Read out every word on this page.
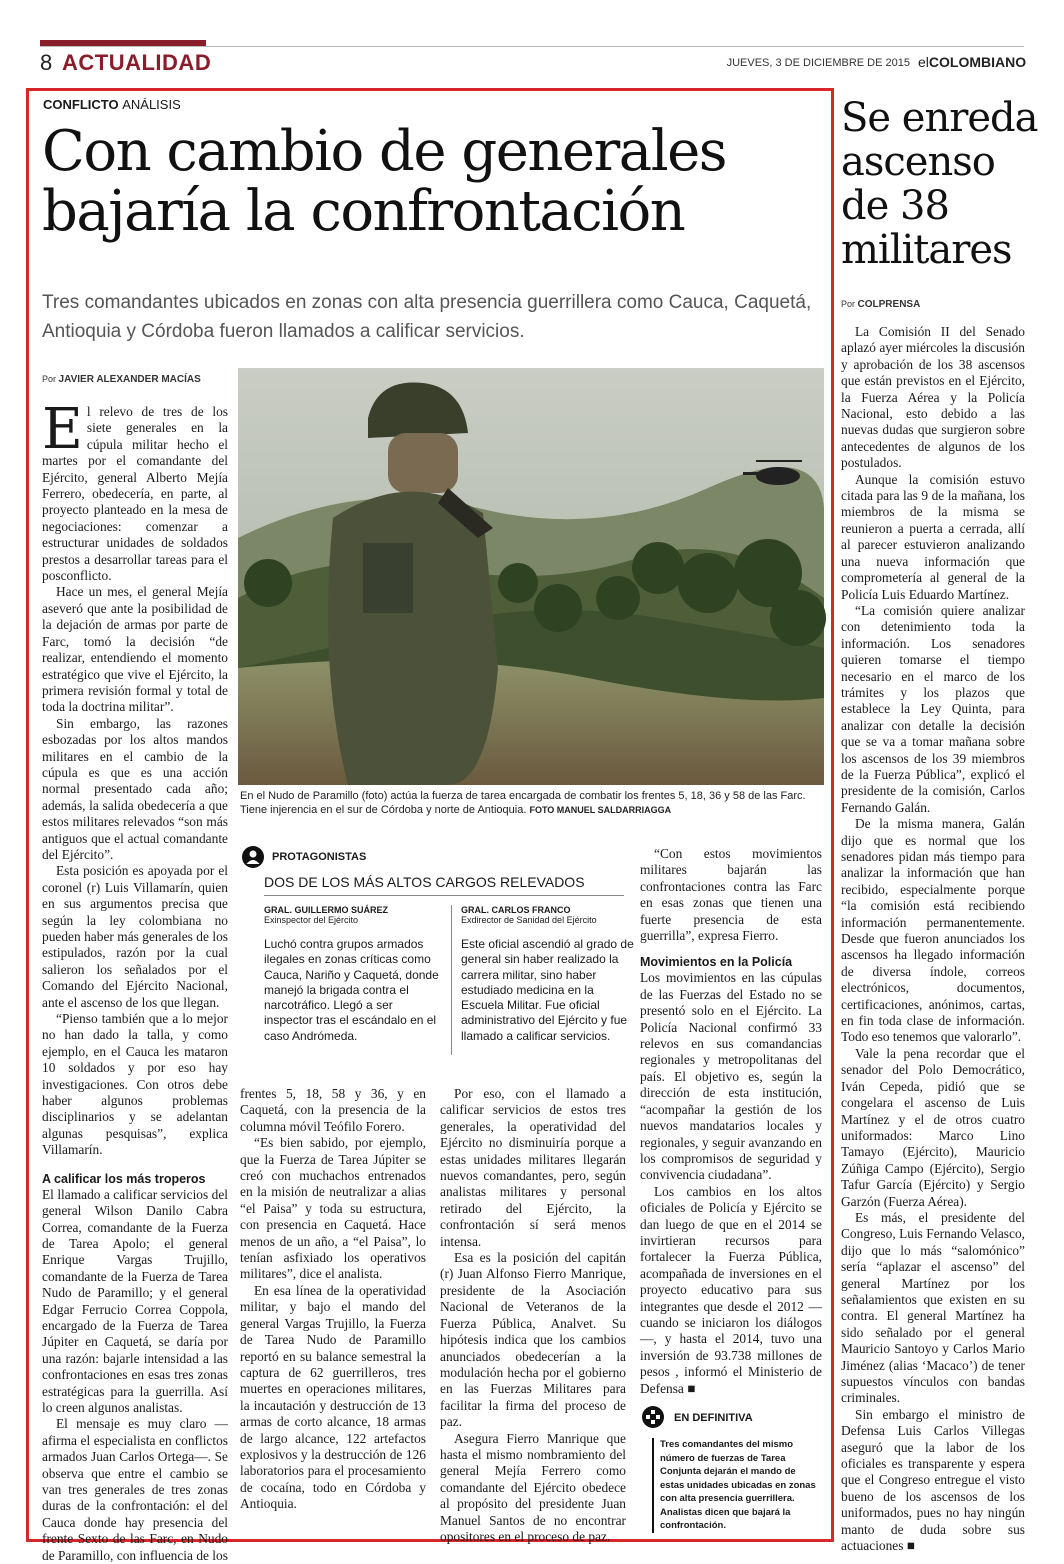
8 ACTUALIDAD	JUEVES, 3 DE DICIEMBRE DE 2015 elCOLOMBIANO
CONFLICTO ANÁLISIS
Con cambio de generales bajaría la confrontación
Tres comandantes ubicados en zonas con alta presencia guerrillera como Cauca, Caquetá, Antioquia y Córdoba fueron llamados a calificar servicios.
Por JAVIER ALEXANDER MACÍAS

El relevo de tres de los siete generales en la cúpula militar hecho el martes por el comandante del Ejército, general Alberto Mejía Ferrero, obedecería, en parte, al proyecto planteado en la mesa de negociaciones: comenzar a estructurar unidades de soldados prestos a desarrollar tareas para el posconflicto.

Hace un mes, el general Mejía aseveró que ante la posibilidad de la dejación de armas por parte de Farc, tomó la decisión “de realizar, entendiendo el momento estratégico que vive el Ejército, la primera revisión formal y total de toda la doctrina militar”.

Sin embargo, las razones esbozadas por los altos mandos militares en el cambio de la cúpula es que es una acción normal presentado cada año; además, la salida obedecería a que estos militares relevados “son más antiguos que el actual comandante del Ejército”.

Esta posición es apoyada por el coronel (r) Luis Villamarín, quien en sus argumentos precisa que según la ley colombiana no pueden haber más generales de los estipulados, razón por la cual salieron los señalados por el Comando del Ejército Nacional, ante el ascenso de los que llegan.

“Pienso también que a lo mejor no han dado la talla, y como ejemplo, en el Cauca les mataron 10 soldados y por eso hay investigaciones. Con otros debe haber algunos problemas disciplinarios y se adelantan algunas pesquisas”, explica Villamarín.

A calificar los más troperos

El llamado a calificar servicios del general Wilson Danilo Cabra Correa, comandante de la Fuerza de Tarea Apolo; el general Enrique Vargas Trujillo, comandante de la Fuerza de Tarea Nudo de Paramillo; y el general Edgar Ferrucio Correa Coppola, encargado de la Fuerza de Tarea Júpiter en Caquetá, se daría por una razón: bajarle intensidad a las confrontaciones en esas tres zonas estratégicas para la guerrilla. Así lo creen algunos analistas.

El mensaje es muy claro —afirma el especialista en conflictos armados Juan Carlos Ortega—. Se observa que entre el cambio se van tres generales de tres zonas duras de la confrontación: el del Cauca donde hay presencia del frente Sexto de las Farc, en Nudo de Paramillo, con influencia de los

En el Nudo de Paramillo (foto) actúa la fuerza de tarea encargada de combatir los frentes 5, 18, 36 y 58 de las Farc. Tiene injerencia en el sur de Córdoba y norte de Antioquia. FOTO MANUEL SALDARRIAGGA
PROTAGONISTAS
DOS DE LOS MÁS ALTOS CARGOS RELEVADOS
GRAL. GUILLERMO SUÁREZ
Exinspector del Ejército
Luchó contra grupos armados ilegales en zonas críticas como Cauca, Nariño y Caquetá, donde manejó la brigada contra el narcotráfico. Llegó a ser inspector tras el escándalo en el caso Andrómeda.
GRAL. CARLOS FRANCO
Exdirector de Sanidad del Ejército
Este oficial ascendió al grado de general sin haber realizado la carrera militar, sino haber estudiado medicina en la Escuela Militar. Fue oficial administrativo del Ejército y fue llamado a calificar servicios.

frentes 5, 18, 58 y 36, y en Caquetá, con la presencia de la columna móvil Teófilo Forero.

“Es bien sabido, por ejemplo, que la Fuerza de Tarea Júpiter se creó con muchachos entrenados en la misión de neutralizar a alias “el Paisa” y toda su estructura, con presencia en Caquetá. Hace menos de un año, a “el Paisa”, lo tenían asfixiado los operativos militares”, dice el analista.

En esa línea de la operatividad militar, y bajo el mando del general Vargas Trujillo, la Fuerza de Tarea Nudo de Paramillo reportó en su balance semestral la captura de 62 guerrilleros, tres muertes en operaciones militares, la incautación y destrucción de 13 armas de corto alcance, 18 armas de largo alcance, 122 artefactos explosivos y la destrucción de 126 laboratorios para el procesamiento de cocaína, todo en Córdoba y Antioquia.

Por eso, con el llamado a calificar servicios de estos tres generales, la operatividad del Ejército no disminuiría porque a estas unidades militares llegarán nuevos comandantes, pero, según analistas militares y personal retirado del Ejército, la confrontación sí será menos intensa.

Esa es la posición del capitán (r) Juan Alfonso Fierro Manrique, presidente de la Asociación Nacional de Veteranos de la Fuerza Pública, Analvet. Su hipótesis indica que los cambios anunciados obedecerían a la modulación hecha por el gobierno en las Fuerzas Militares para facilitar la firma del proceso de paz.

Asegura Fierro Manrique que hasta el mismo nombramiento del general Mejía Ferrero como comandante del Ejército obedece al propósito del presidente Juan Manuel Santos de no encontrar opositores en el proceso de paz.

“Con estos movimientos militares bajarán las confrontaciones contra las Farc en esas zonas que tienen una fuerte presencia de esta guerrilla”, expresa Fierro.

Movimientos en la Policía

Los movimientos en las cúpulas de las Fuerzas del Estado no se presentó solo en el Ejército. La Policía Nacional confirmó 33 relevos en sus comandancias regionales y metropolitanas del país. El objetivo es, según la dirección de esta institución, “acompañar la gestión de los nuevos mandatarios locales y regionales, y seguir avanzando en los compromisos de seguridad y convivencia ciudadana”.

Los cambios en los altos oficiales de Policía y Ejército se dan luego de que en el 2014 se invirtieran recursos para fortalecer la Fuerza Pública, acompañada de inversiones en el proyecto educativo para sus integrantes que desde el 2012 —cuando se iniciaron los diálogos—, y hasta el 2014, tuvo una inversión de 93.738 millones de pesos , informó el Ministerio de Defensa ■

EN DEFINITIVA
Tres comandantes del mismo número de fuerzas de Tarea Conjunta dejarán el mando de estas unidades ubicadas en zonas con alta presencia guerrillera. Analistas dicen que bajará la confrontación.
Se enreda ascenso de 38 militares
Por COLPRENSA

La Comisión II del Senado aplazó ayer miércoles la discusión y aprobación de los 38 ascensos que están previstos en el Ejército, la Fuerza Aérea y la Policía Nacional, esto debido a las nuevas dudas que surgieron sobre antecedentes de algunos de los postulados.

Aunque la comisión estuvo citada para las 9 de la mañana, los miembros de la misma se reunieron a puerta a cerrada, allí al parecer estuvieron analizando una nueva información que comprometería al general de la Policía Luis Eduardo Martínez.

“La comisión quiere analizar con detenimiento toda la información. Los senadores quieren tomarse el tiempo necesario en el marco de los trámites y los plazos que establece la Ley Quinta, para analizar con detalle la decisión que se va a tomar mañana sobre los ascensos de los 39 miembros de la Fuerza Pública”, explicó el presidente de la comisión, Carlos Fernando Galán.

De la misma manera, Galán dijo que es normal que los senadores pidan más tiempo para analizar la información que han recibido, especialmente porque “la comisión está recibiendo información permanentemente. Desde que fueron anunciados los ascensos ha llegado información de diversa índole, correos electrónicos, documentos, certificaciones, anónimos, cartas, en fin toda clase de información. Todo eso tenemos que valorarlo”.

Vale la pena recordar que el senador del Polo Democrático, Iván Cepeda, pidió que se congelara el ascenso de Luis Martínez y el de otros cuatro uniformados: Marco Lino Tamayo (Ejército), Mauricio Zúñiga Campo (Ejército), Sergio Tafur García (Ejército) y Sergio Garzón (Fuerza Aérea).

Es más, el presidente del Congreso, Luis Fernando Velasco, dijo que lo más “salomónico” sería “aplazar el ascenso” del general Martínez por los señalamientos que existen en su contra. El general Martínez ha sido señalado por el general Mauricio Santoyo y Carlos Mario Jiménez (alias ‘Macaco’) de tener supuestos vínculos con bandas criminales.

Sin embargo el ministro de Defensa Luis Carlos Villegas aseguró que la labor de los oficiales es transparente y espera que el Congreso entregue el visto bueno de los ascensos de los uniformados, pues no hay ningún manto de duda sobre sus actuaciones ■
